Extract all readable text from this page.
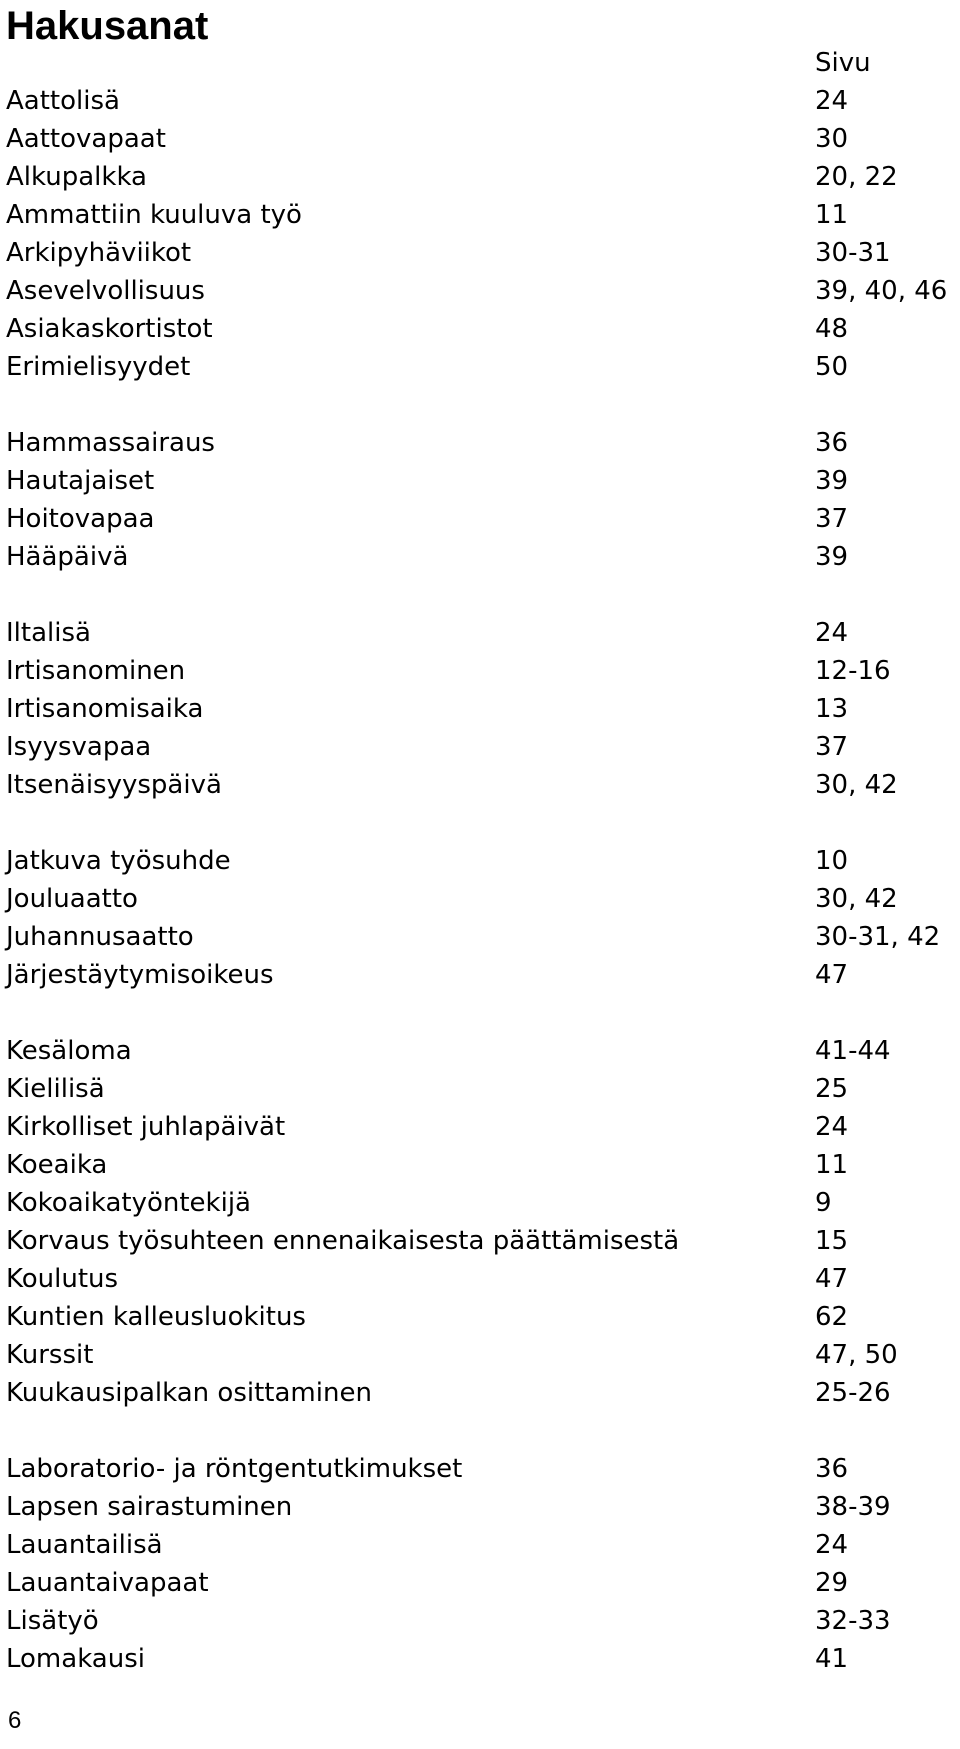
Hakusanat
Sivu
Aattolisä	24
Aattovapaat	30
Alkupalkka	20, 22
Ammattiin kuuluva työ	11
Arkipyhäviikot	30-31
Asevelvollisuus	39, 40, 46
Asiakaskortistot	48
Erimielisyydet	50
Hammassairaus	36
Hautajaiset	39
Hoitovapaa	37
Hääpäivä	39
Iltalisä	24
Irtisanominen	12-16
Irtisanomisaika	13
Isyysvapaa	37
Itsenäisyyspäivä	30, 42
Jatkuva työsuhde	10
Jouluaatto	30, 42
Juhannusaatto	30-31, 42
Järjestäytymisoikeus	47
Kesäloma	41-44
Kielilisä	25
Kirkolliset juhlapäivät	24
Koeaika	11
Kokoaikatyöntekijä	9
Korvaus työsuhteen ennenaikaisesta päättämisestä	15
Koulutus	47
Kuntien kalleusluokitus	62
Kurssit	47, 50
Kuukausipalkan osittaminen	25-26
Laboratorio- ja röntgentutkimukset	36
Lapsen sairastuminen	38-39
Lauantailisä	24
Lauantaivapaat	29
Lisätyö	32-33
Lomakausi	41
6
